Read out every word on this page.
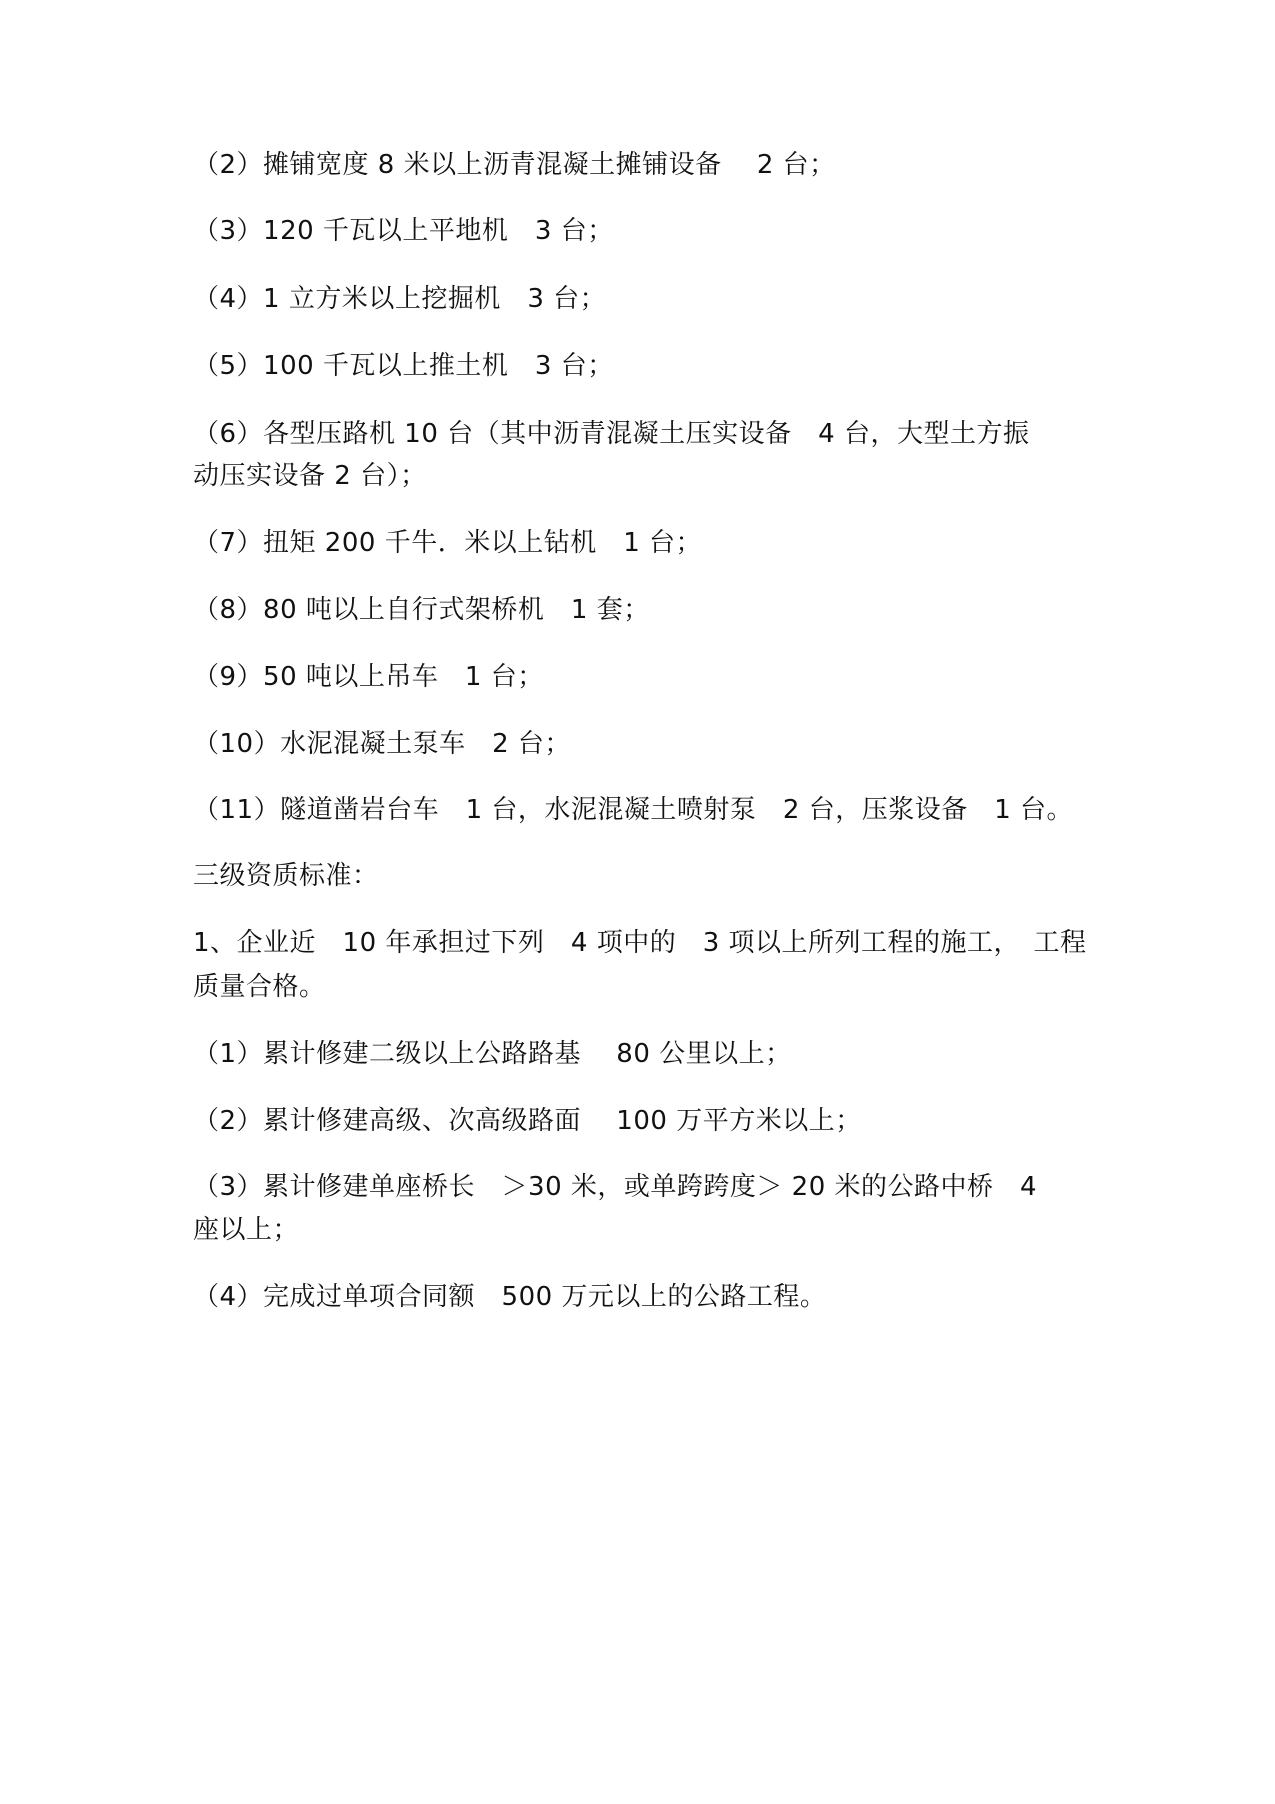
（2）摊铺宽度 8 米以上沥青混凝土摊铺设备　 2 台；
（3）120 千瓦以上平地机　3 台；
（4）1 立方米以上挖掘机　3 台；
（5）100 千瓦以上推土机　3 台；
（6）各型压路机 10 台（其中沥青混凝土压实设备　4 台，大型土方振
动压实设备 2 台）；
（7）扭矩 200 千牛．米以上钻机　1 台；
（8）80 吨以上自行式架桥机　1 套；
（9）50 吨以上吊车　1 台；
（10）水泥混凝土泵车　2 台；
（11）隧道凿岩台车　1 台，水泥混凝土喷射泵　2 台，压浆设备　1 台。
三级资质标准：
1、企业近　10 年承担过下列　4 项中的　3 项以上所列工程的施工，　工程
质量合格。
（1）累计修建二级以上公路路基　 80 公里以上；
（2）累计修建高级、次高级路面　 100 万平方米以上；
（3）累计修建单座桥长　＞30 米，或单跨跨度＞ 20 米的公路中桥　4
座以上；
（4）完成过单项合同额　500 万元以上的公路工程。
